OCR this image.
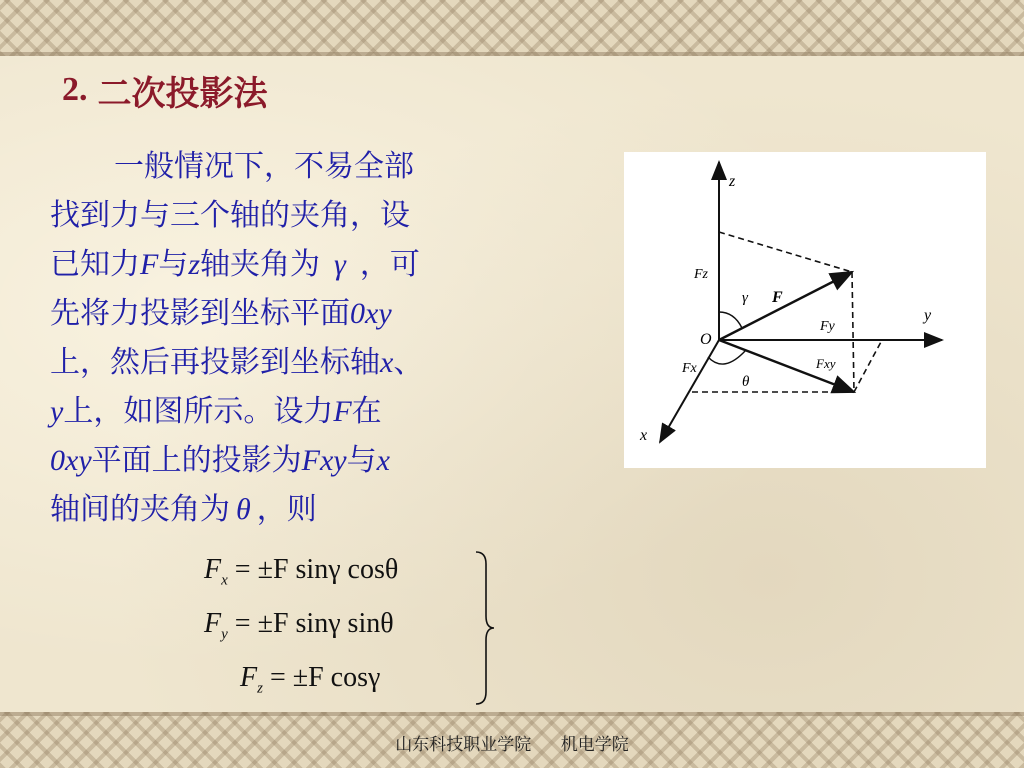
2. 二次投影法

一般情况下，不易全部

找到力与三个轴的夹角，设

已知力F与z轴夹角为 γ ，可

先将力投影到坐标平面0xy

上，然后再投影到坐标轴x、

y上，如图所示。设力F在

0xy平面上的投影为Fxy与x

轴间的夹角为 θ ，则

z
y
x
O
F
Fz
Fy
Fx	Fxy
γ
θ
$F_x = \pm F$ sinγ cosθ
$F_y = \pm F$ sinγ sinθ
$F_z = \pm F$ cosγ
山东科技职业学院 机电学院
